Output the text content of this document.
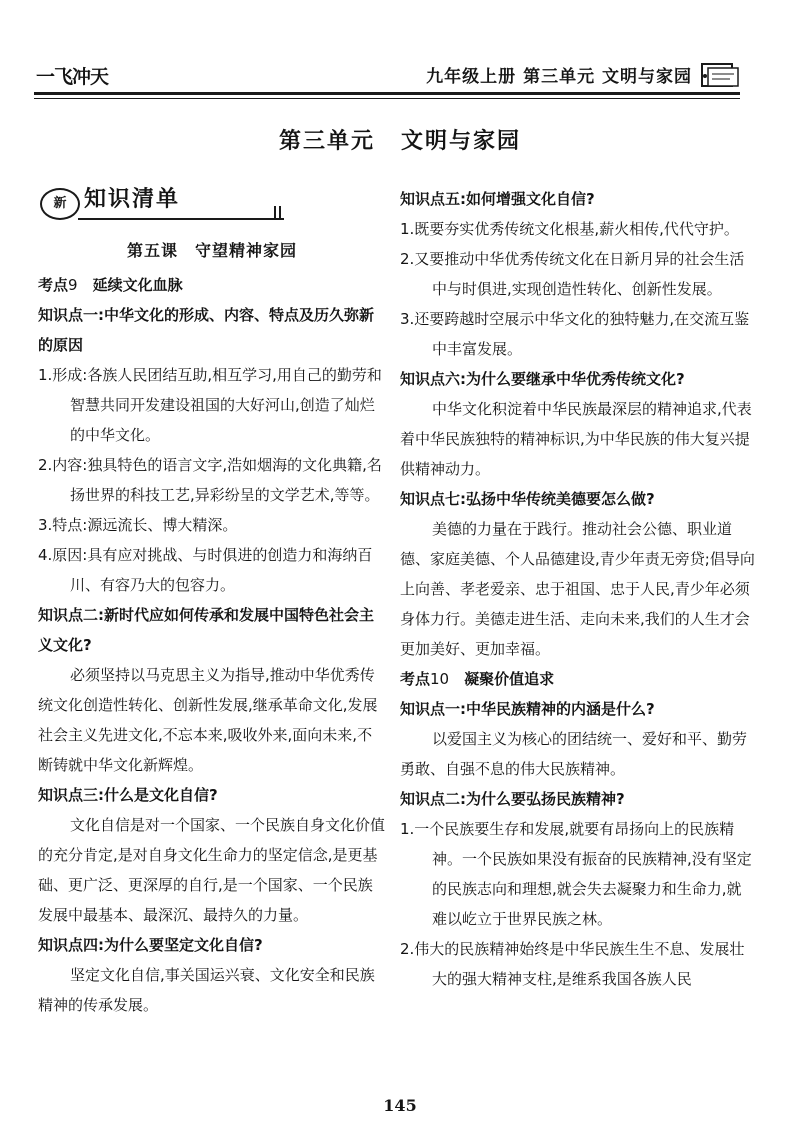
一飞冲天	九年级上册 第三单元 文明与家园
第三单元 文明与家园
新 知识清单
第五课　守望精神家园
考点9　 延续文化血脉
知识点一:中华文化的形成、内容、特点及历久弥新的原因
1.形成:各族人民团结互助,相互学习,用自己的勤劳和智慧共同开发建设祖国的大好河山,创造了灿烂的中华文化。
2.内容:独具特色的语言文字,浩如烟海的文化典籍,名扬世界的科技工艺,异彩纷呈的文学艺术,等等。
3.特点:源远流长、博大精深。
4.原因:具有应对挑战、与时俱进的创造力和海纳百川、有容乃大的包容力。
知识点二:新时代应如何传承和发展中国特色社会主义文化?
必须坚持以马克思主义为指导,推动中华优秀传统文化创造性转化、创新性发展,继承革命文化,发展社会主义先进文化,不忘本来,吸收外来,面向未来,不断铸就中华文化新辉煌。
知识点三:什么是文化自信?
文化自信是对一个国家、一个民族自身文化价值的充分肯定,是对自身文化生命力的坚定信念,是更基础、更广泛、更深厚的自行,是一个国家、一个民族发展中最基本、最深沉、最持久的力量。
知识点四:为什么要坚定文化自信?
坚定文化自信,事关国运兴衰、文化安全和民族精神的传承发展。
知识点五:如何增强文化自信?
1.既要夯实优秀传统文化根基,薪火相传,代代守护。
2.又要推动中华优秀传统文化在日新月异的社会生活中与时俱进,实现创造性转化、创新性发展。
3.还要跨越时空展示中华文化的独特魅力,在交流互鉴中丰富发展。
知识点六:为什么要继承中华优秀传统文化?
中华文化积淀着中华民族最深层的精神追求,代表着中华民族独特的精神标识,为中华民族的伟大复兴提供精神动力。
知识点七:弘扬中华传统美德要怎么做?
美德的力量在于践行。推动社会公德、职业道德、家庭美德、个人品德建设,青少年责无旁贷;倡导向上向善、孝老爱亲、忠于祖国、忠于人民,青少年必须身体力行。美德走进生活、走向未来,我们的人生才会更加美好、更加幸福。
考点10　 凝聚价值追求
知识点一:中华民族精神的内涵是什么?
以爱国主义为核心的团结统一、爱好和平、勤劳勇敢、自强不息的伟大民族精神。
知识点二:为什么要弘扬民族精神?
1.一个民族要生存和发展,就要有昂扬向上的民族精神。一个民族如果没有振奋的民族精神,没有坚定的民族志向和理想,就会失去凝聚力和生命力,就难以屹立于世界民族之林。
2.伟大的民族精神始终是中华民族生生不息、发展壮大的强大精神支柱,是维系我国各族人民
145
